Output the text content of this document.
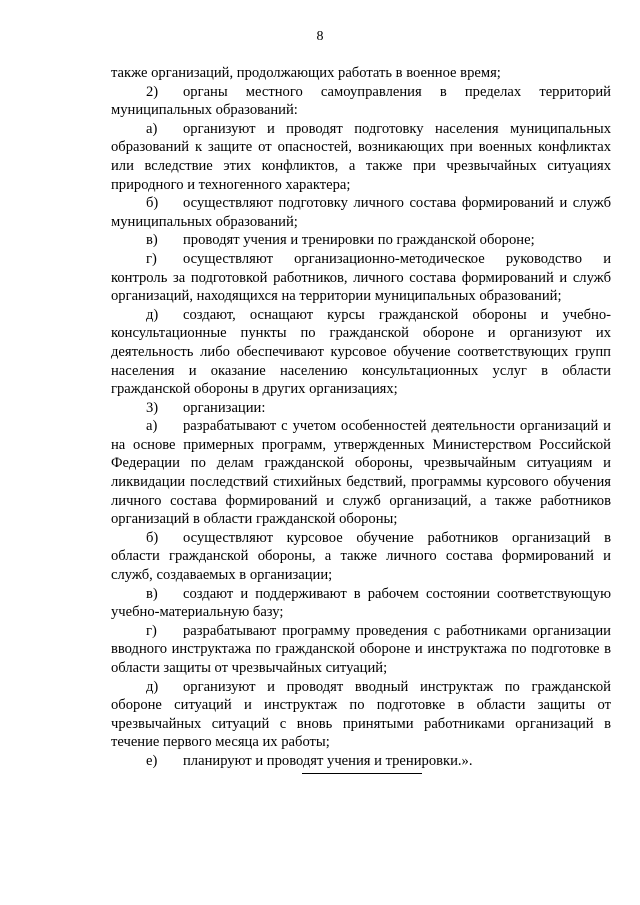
8

также организаций, продолжающих работать в военное время;

2) органы местного самоуправления в пределах территорий муниципальных образований:

а) организуют и проводят подготовку населения муниципальных образований к защите от опасностей, возникающих при военных конфликтах или вследствие этих конфликтов, а также при чрезвычайных ситуациях природного и техногенного характера;

б) осуществляют подготовку личного состава формирований и служб муниципальных образований;

в) проводят учения и тренировки по гражданской обороне;

г) осуществляют организационно-методическое руководство и контроль за подготовкой работников, личного состава формирований и служб организаций, находящихся на территории муниципальных образований;

д) создают, оснащают курсы гражданской обороны и учебно-консультационные пункты по гражданской обороне и организуют их деятельность либо обеспечивают курсовое обучение соответствующих групп населения и оказание населению консультационных услуг в области гражданской обороны в других организациях;

3) организации:

а) разрабатывают с учетом особенностей деятельности организаций и на основе примерных программ, утвержденных Министерством Российской Федерации по делам гражданской обороны, чрезвычайным ситуациям и ликвидации последствий стихийных бедствий, программы курсового обучения личного состава формирований и служб организаций, а также работников организаций в области гражданской обороны;

б) осуществляют курсовое обучение работников организаций в области гражданской обороны, а также личного состава формирований и служб, создаваемых в организации;

в) создают и поддерживают в рабочем состоянии соответствующую учебно-материальную базу;

г) разрабатывают программу проведения с работниками организации вводного инструктажа по гражданской обороне и инструктажа по подготовке в области защиты от чрезвычайных ситуаций;

д) организуют и проводят вводный инструктаж по гражданской обороне ситуаций и инструктаж по подготовке в области защиты от чрезвычайных ситуаций с вновь принятыми работниками организаций в течение первого месяца их работы;

е) планируют и проводят учения и тренировки.».
